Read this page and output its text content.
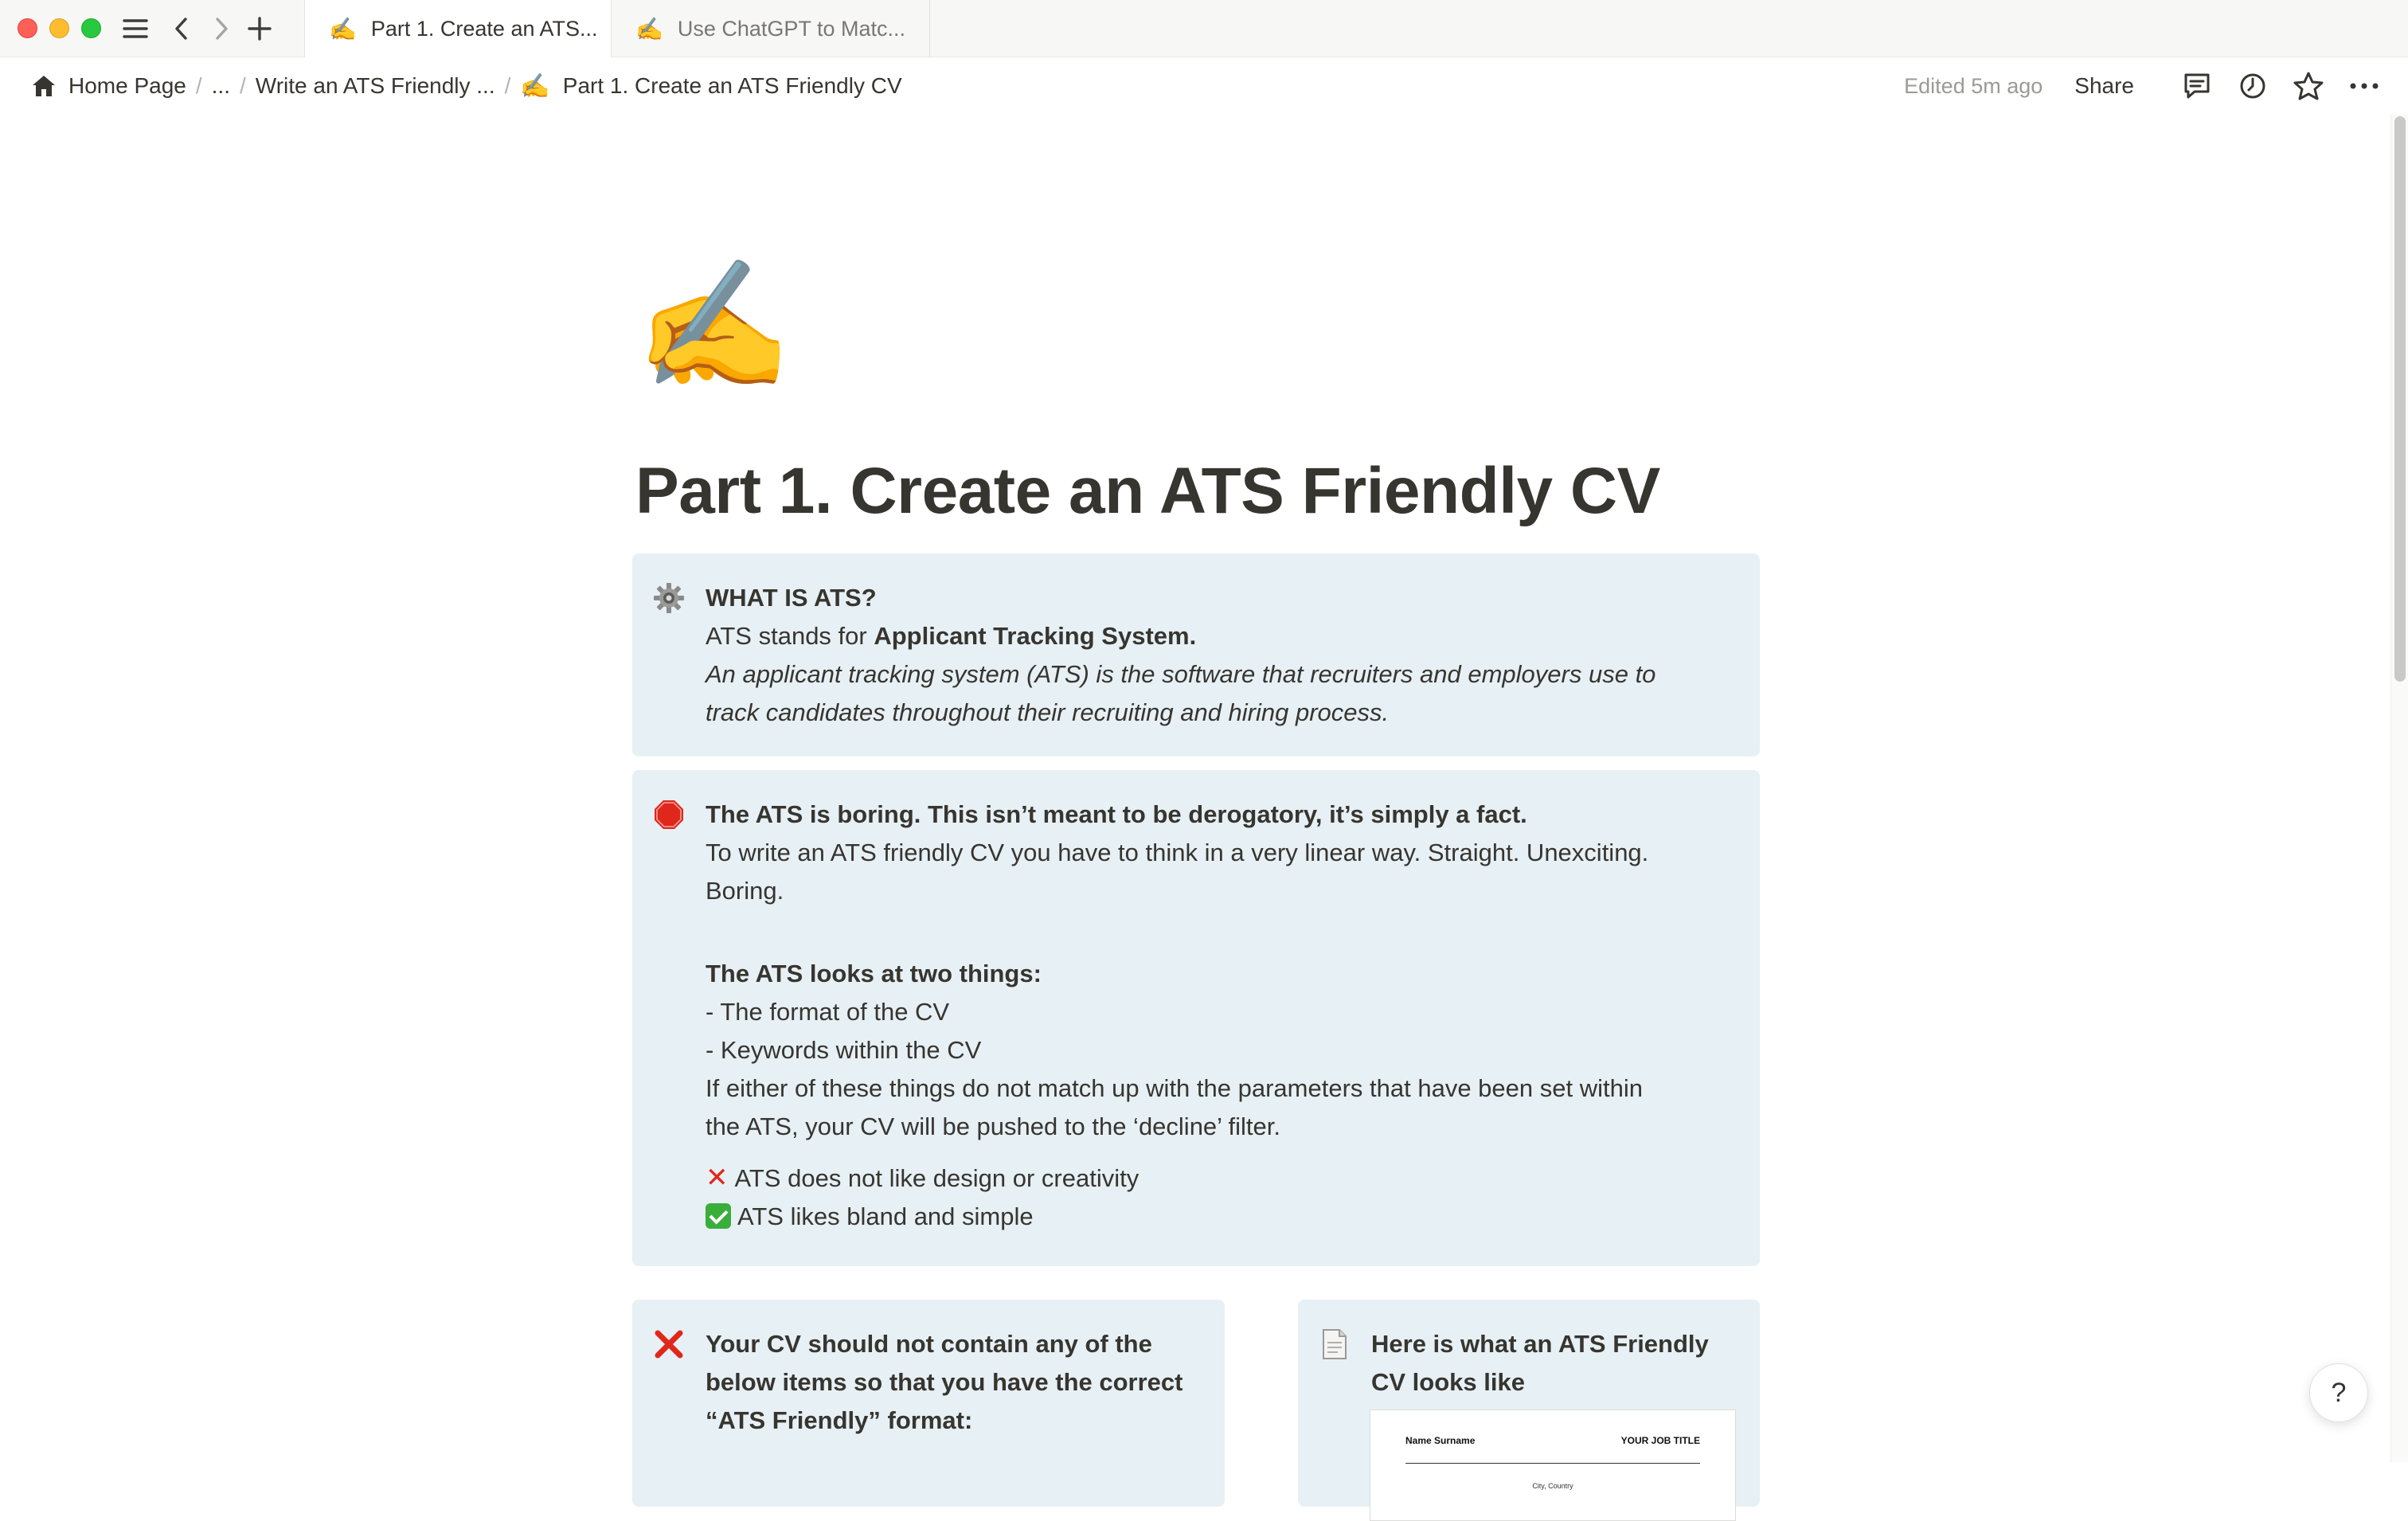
✍️ Part 1. Create an ATS... ✍️ Use ChatGPT to Matc...
Home Page / ... / Write an ATS Friendly ... / ✍️ Part 1. Create an ATS Friendly CV	Edited 5m ago Share
✍️
Part 1. Create an ATS Friendly CV

WHAT IS ATS?

ATS stands for Applicant Tracking System.

An applicant tracking system (ATS) is the software that recruiters and employers use to

track candidates throughout their recruiting and hiring process.

The ATS is boring. This isn’t meant to be derogatory, it’s simply a fact.

To write an ATS friendly CV you have to think in a very linear way. Straight. Unexciting.

Boring.

The ATS looks at two things:

- The format of the CV

- Keywords within the CV

If either of these things do not match up with the parameters that have been set within

the ATS, your CV will be pushed to the ‘decline’ filter.

✕ ATS does not like design or creativity

ATS likes bland and simple

Your CV should not contain any of the

below items so that you have the correct

“ATS Friendly” format:

Here is what an ATS Friendly

CV looks like

Name Surname	YOUR JOB TITLE
City, Country
?
